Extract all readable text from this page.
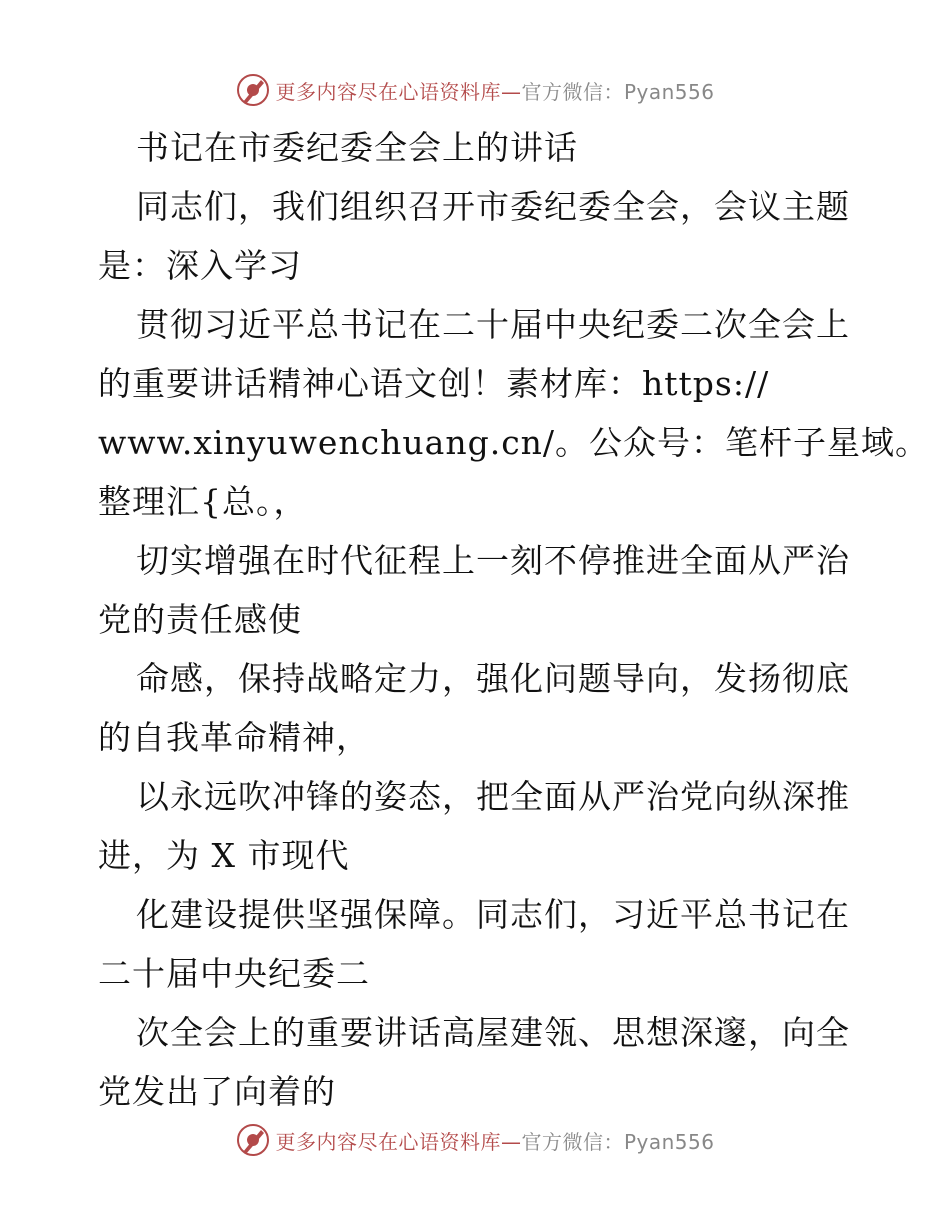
更多内容尽在心语资料库—官方微信：Pyan556
书记在市委纪委全会上的讲话
同志们，我们组织召开市委纪委全会，会议主题
是：深入学习
贯彻习近平总书记在二十届中央纪委二次全会上
的重要讲话精神心语文创！素材库：https://
www.xinyuwenchuang.cn/。公众号：笔杆子星域。
整理汇{总。，
切实增强在时代征程上一刻不停推进全面从严治
党的责任感使
命感，保持战略定力，强化问题导向，发扬彻底
的自我革命精神，
以永远吹冲锋的姿态，把全面从严治党向纵深推
进，为 X 市现代
化建设提供坚强保障。同志们，习近平总书记在
二十届中央纪委二
次全会上的重要讲话高屋建瓴、思想深邃，向全
党发出了向着的
更多内容尽在心语资料库—官方微信：Pyan556
